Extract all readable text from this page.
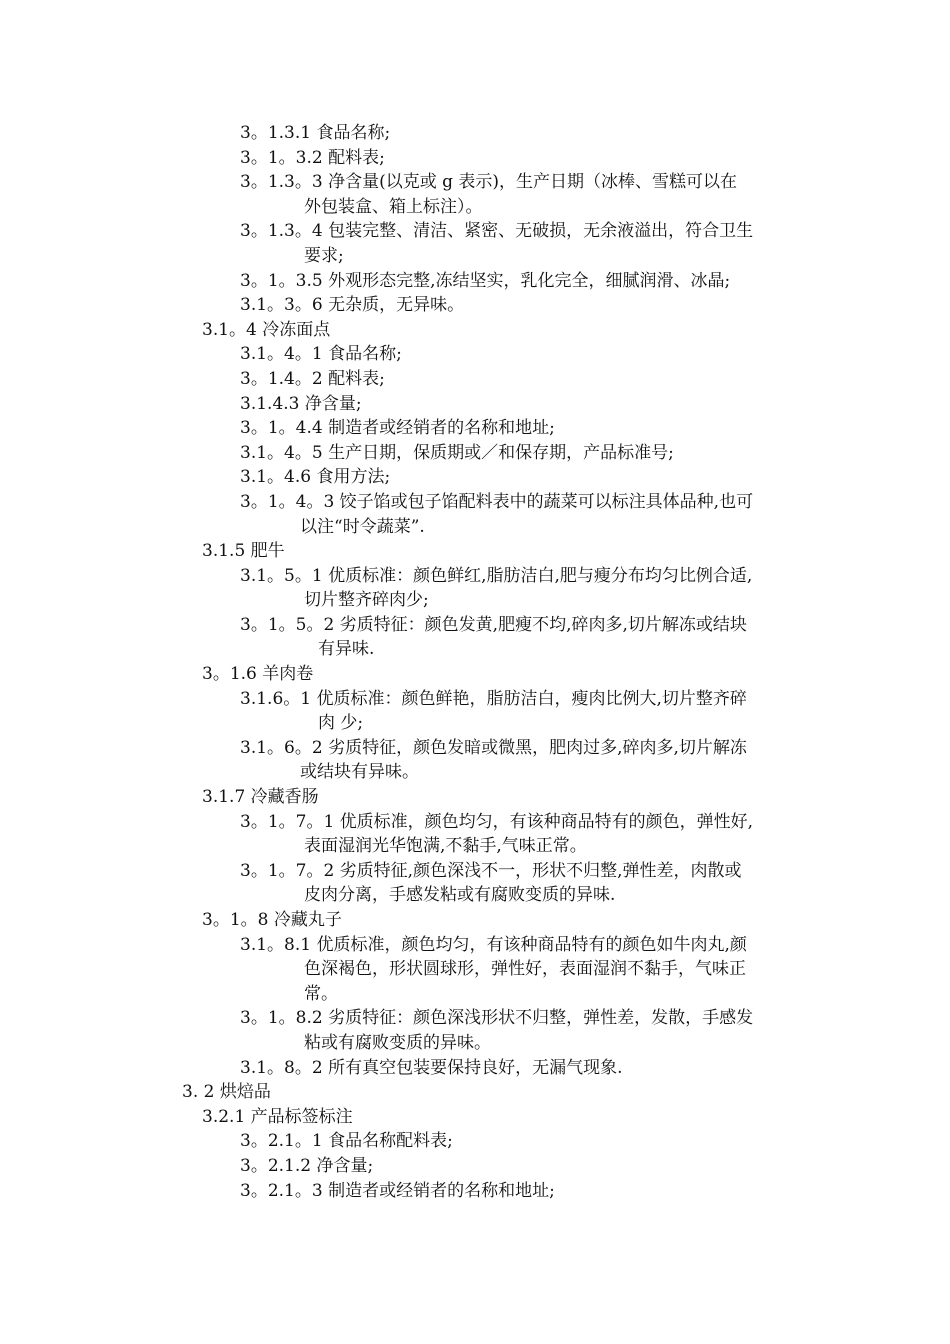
3。1.3.1 食品名称;
3。1。3.2 配料表;
3。1.3。3 净含量(以克或 g 表示)，生产日期（冰棒、雪糕可以在
外包装盒、箱上标注）。
3。1.3。4 包装完整、清洁、紧密、无破损，无余液溢出，符合卫生
要求;
3。1。3.5 外观形态完整,冻结坚实，乳化完全，细腻润滑、冰晶;
3.1。3。6 无杂质，无异味。
3.1。4 冷冻面点
3.1。4。1 食品名称;
3。1.4。2 配料表;
3.1.4.3 净含量;
3。1。4.4 制造者或经销者的名称和地址;
3.1。4。5 生产日期，保质期或／和保存期，产品标准号;
3.1。4.6 食用方法;
3。1。4。3 饺子馅或包子馅配料表中的蔬菜可以标注具体品种,也可
以注“时令蔬菜”.
3.1.5 肥牛
3.1。5。1 优质标准：颜色鲜红,脂肪洁白,肥与瘦分布均匀比例合适,
切片整齐碎肉少;
3。1。5。2 劣质特征：颜色发黄,肥瘦不均,碎肉多,切片解冻或结块
有异味.
3。1.6 羊肉卷
3.1.6。1 优质标准：颜色鲜艳，脂肪洁白，瘦肉比例大,切片整齐碎
肉 少;
3.1。6。2 劣质特征，颜色发暗或微黑，肥肉过多,碎肉多,切片解冻
或结块有异味。
3.1.7 冷藏香肠
3。1。7。1 优质标准，颜色均匀，有该种商品特有的颜色，弹性好,
表面湿润光华饱满,不黏手,气味正常。
3。1。7。2 劣质特征,颜色深浅不一，形状不归整,弹性差，肉散或
皮肉分离，手感发粘或有腐败变质的异味.
3。1。8 冷藏丸子
3.1。8.1 优质标准，颜色均匀，有该种商品特有的颜色如牛肉丸,颜
色深褐色，形状圆球形，弹性好，表面湿润不黏手，气味正
常。
3。1。8.2 劣质特征：颜色深浅形状不归整，弹性差，发散，手感发
粘或有腐败变质的异味。
3.1。8。2 所有真空包装要保持良好，无漏气现象.
3. 2 烘焙品
3.2.1 产品标签标注
3。2.1。1 食品名称配料表;
3。2.1.2 净含量;
3。2.1。3 制造者或经销者的名称和地址;
